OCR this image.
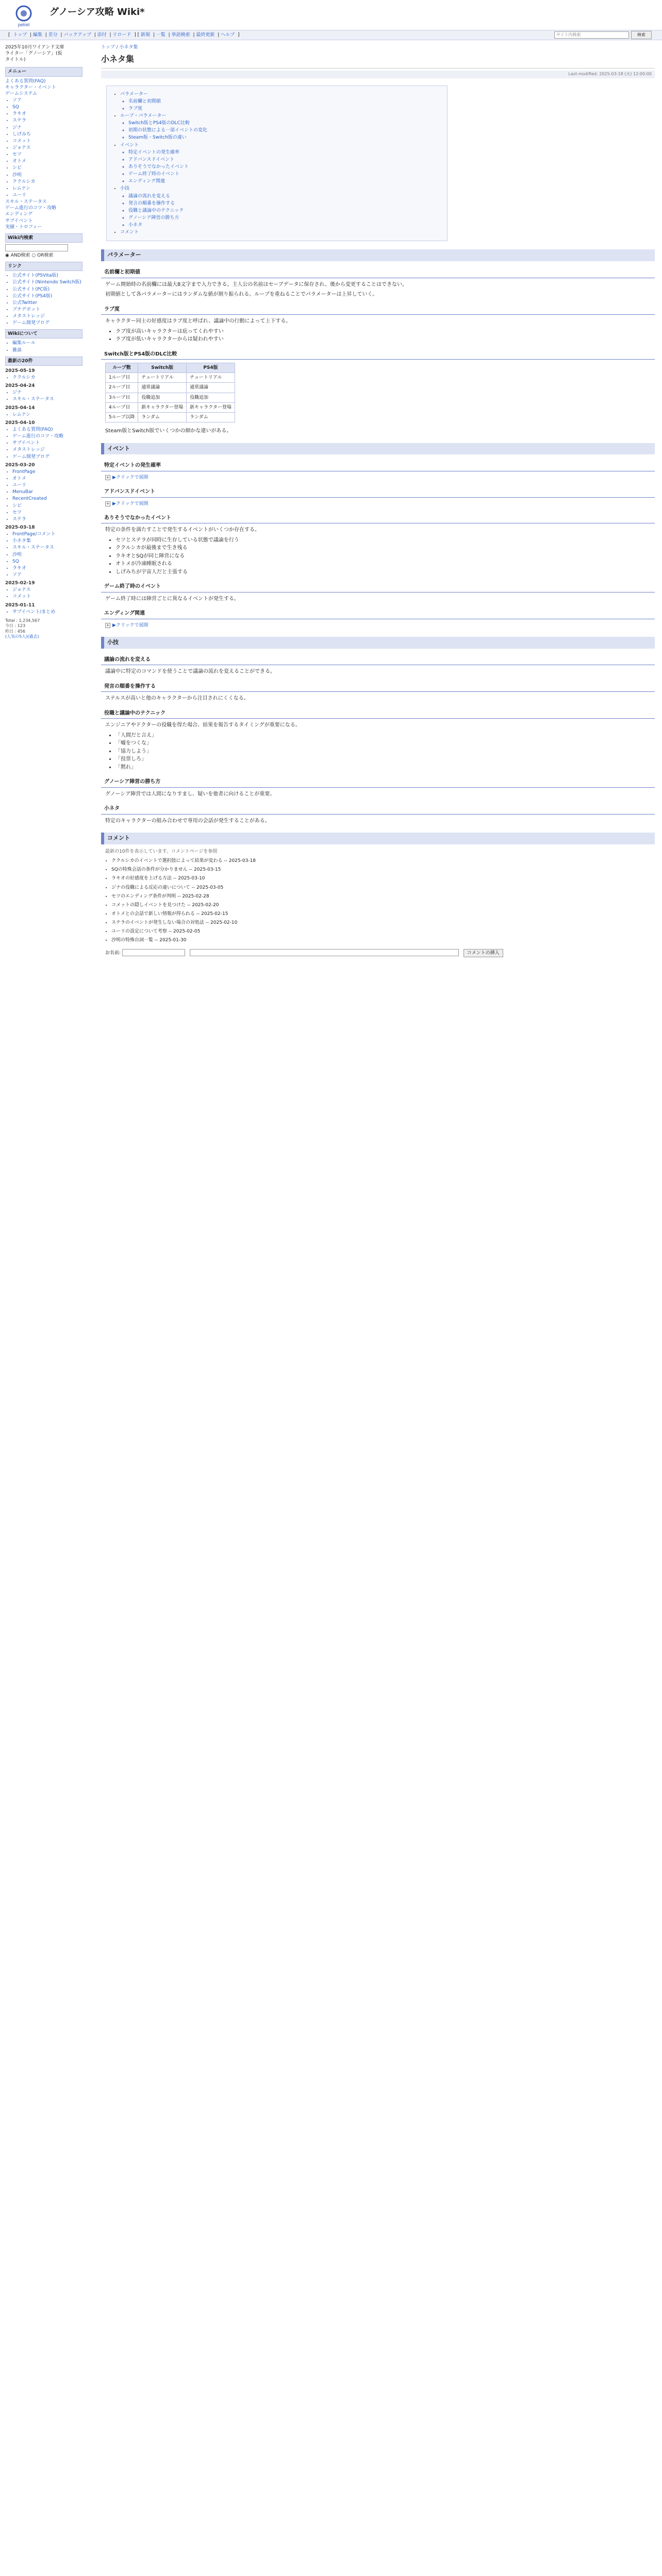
petrel
グノーシア攻略 Wiki*
[ トップ | 編集 | 差分 | バックアップ | 添付 | リロード ] [ 新規 | 一覧 | 単語検索 | 最終更新 | ヘルプ ]	サイト内検索	検索
2025年10月ワイアンド文庫
ライター「グノーシア」(仮
タイトル)
メニュー
よくある質問(FAQ)
キャラクター・イベント
ゲームシステム
• ソア
• SQ
• ラキオ
• ステラ
• ジナ
• しげみち
• コメット
• ジョナス
• セツ
• オトメ
• シピ
• 沙明
• ククルシカ
• レムナン
• ユーリ
スキル・ステータス
ゲーム進行のコツ・攻略
エンディング
サブイベント
実績・トロフィー
Wiki内検索
◉ AND検索 ○ OR検索
リンク
• 公式サイト(PSVita版)
• 公式サイト(Nintendo Switch版)
• 公式サイト(PC版)
• 公式サイト(PS4版)
• 公式Twitter
• プチデポット
• メタストレッジ
• ゲーム開発ブログ
Wikiについて
• 編集ルール
• 雑談
最新の20件
2025-05-19
• ククルシカ
2025-04-24
• ジナ
• スキル・ステータス
2025-04-14
• レムナン
2025-04-10
• よくある質問(FAQ)
• ゲーム進行のコツ・攻略
• サブイベント
• メタストレッジ
• ゲーム開発ブログ
2025-03-20
• FrontPage
• オトメ
• ユーリ
• MenuBar
• RecentCreated
• シピ
• セツ
• ステラ
2025-03-18
• FrontPage/コメント
• 小ネタ集
• スキル・ステータス
• 沙明
• SQ
• ラキオ
• ソア
2025-02-19
• ジョナス
• コメット
2025-01-11
• サブイベント/まとめ
Total : 1,234,567
今日 : 123
昨日 : 456
(人気の5人)(過去)
トップ / 小ネタ集
小ネタ集
Last-modified: 2025-03-18 (火) 12:00:00
• パラメーター
◦ 名前欄と初期値
◦ ラブ度
• ループ・パラメーター
◦ Switch版とPS4版のDLC比較
◦ 初期の状態による一部イベントの変化
◦ Steam版・Switch版の違い
• イベント
◦ 特定イベントの発生確率
◦ アドバンスドイベント
◦ ありそうでなかったイベント
◦ ゲーム終了時のイベント
◦ エンディング関連
• 小技
◦ 議論の流れを変える
◦ 発言の順番を操作する
◦ 役職と議論中のテクニック
◦ グノーシア陣営の勝ち方
◦ 小ネタ
• コメント
パラメーター
名前欄と初期値

ゲーム開始時の名前欄には最大8文字まで入力できる。主人公の名前はセーブデータに保存され、後から変更することはできない。

初期値として各パラメーターにはランダムな値が割り振られる。ループを重ねることでパラメーターは上昇していく。

ラブ度

キャラクター同士の好感度はラブ度と呼ばれ、議論中の行動によって上下する。

• ラブ度が高いキャラクターは庇ってくれやすい
• ラブ度が低いキャラクターからは疑われやすい
Switch版とPS4版のDLC比較
ループ数	Switch版	PS4版
1ループ目	チュートリアル	チュートリアル
2ループ目	通常議論	通常議論
3ループ目	役職追加	役職追加
4ループ目	新キャラクター登場	新キャラクター登場
5ループ以降	ランダム	ランダム

Steam版とSwitch版でいくつかの細かな違いがある。

イベント
特定イベントの発生確率
+ ▶クリックで展開
アドバンスドイベント
+ ▶クリックで展開
ありそうでなかったイベント

特定の条件を満たすことで発生するイベントがいくつか存在する。

• セツとステラが同時に生存している状態で議論を行う
• ククルシカが最後まで生き残る
• ラキオとSQが同じ陣営になる
• オトメが冷凍睡眠される
• しげみちが宇宙人だと主張する
ゲーム終了時のイベント

ゲーム終了時には陣営ごとに異なるイベントが発生する。

エンディング関連
+ ▶クリックで展開
小技
議論の流れを変える

議論中に特定のコマンドを使うことで議論の流れを変えることができる。

発言の順番を操作する

ステルスが高いと他のキャラクターから注目されにくくなる。

役職と議論中のテクニック

エンジニアやドクターの役職を得た場合、結果を報告するタイミングが重要になる。

• 「人間だと言え」
• 「嘘をつくな」
• 「協力しよう」
• 「投票しろ」
• 「黙れ」
グノーシア陣営の勝ち方

グノーシア陣営では人間になりすまし、疑いを他者に向けることが重要。

小ネタ

特定のキャラクターの組み合わせで専用の会話が発生することがある。

コメント

最新の10件を表示しています。コメントページを参照

• ククルシカのイベントで選択肢によって結果が変わる -- 2025-03-18
• SQの特殊会話の条件が分かりません -- 2025-03-15
• ラキオの好感度を上げる方法 -- 2025-03-10
• ジナの役職による反応の違いについて -- 2025-03-05
• セツのエンディング条件が判明 -- 2025-02-28
• コメットの隠しイベントを見つけた -- 2025-02-20
• オトメとの会話で新しい情報が得られる -- 2025-02-15
• ステラのイベントが発生しない場合の対処法 -- 2025-02-10
• ユーリの設定について考察 -- 2025-02-05
• 沙明の特殊台詞一覧 -- 2025-01-30
お名前:	コメントの挿入
